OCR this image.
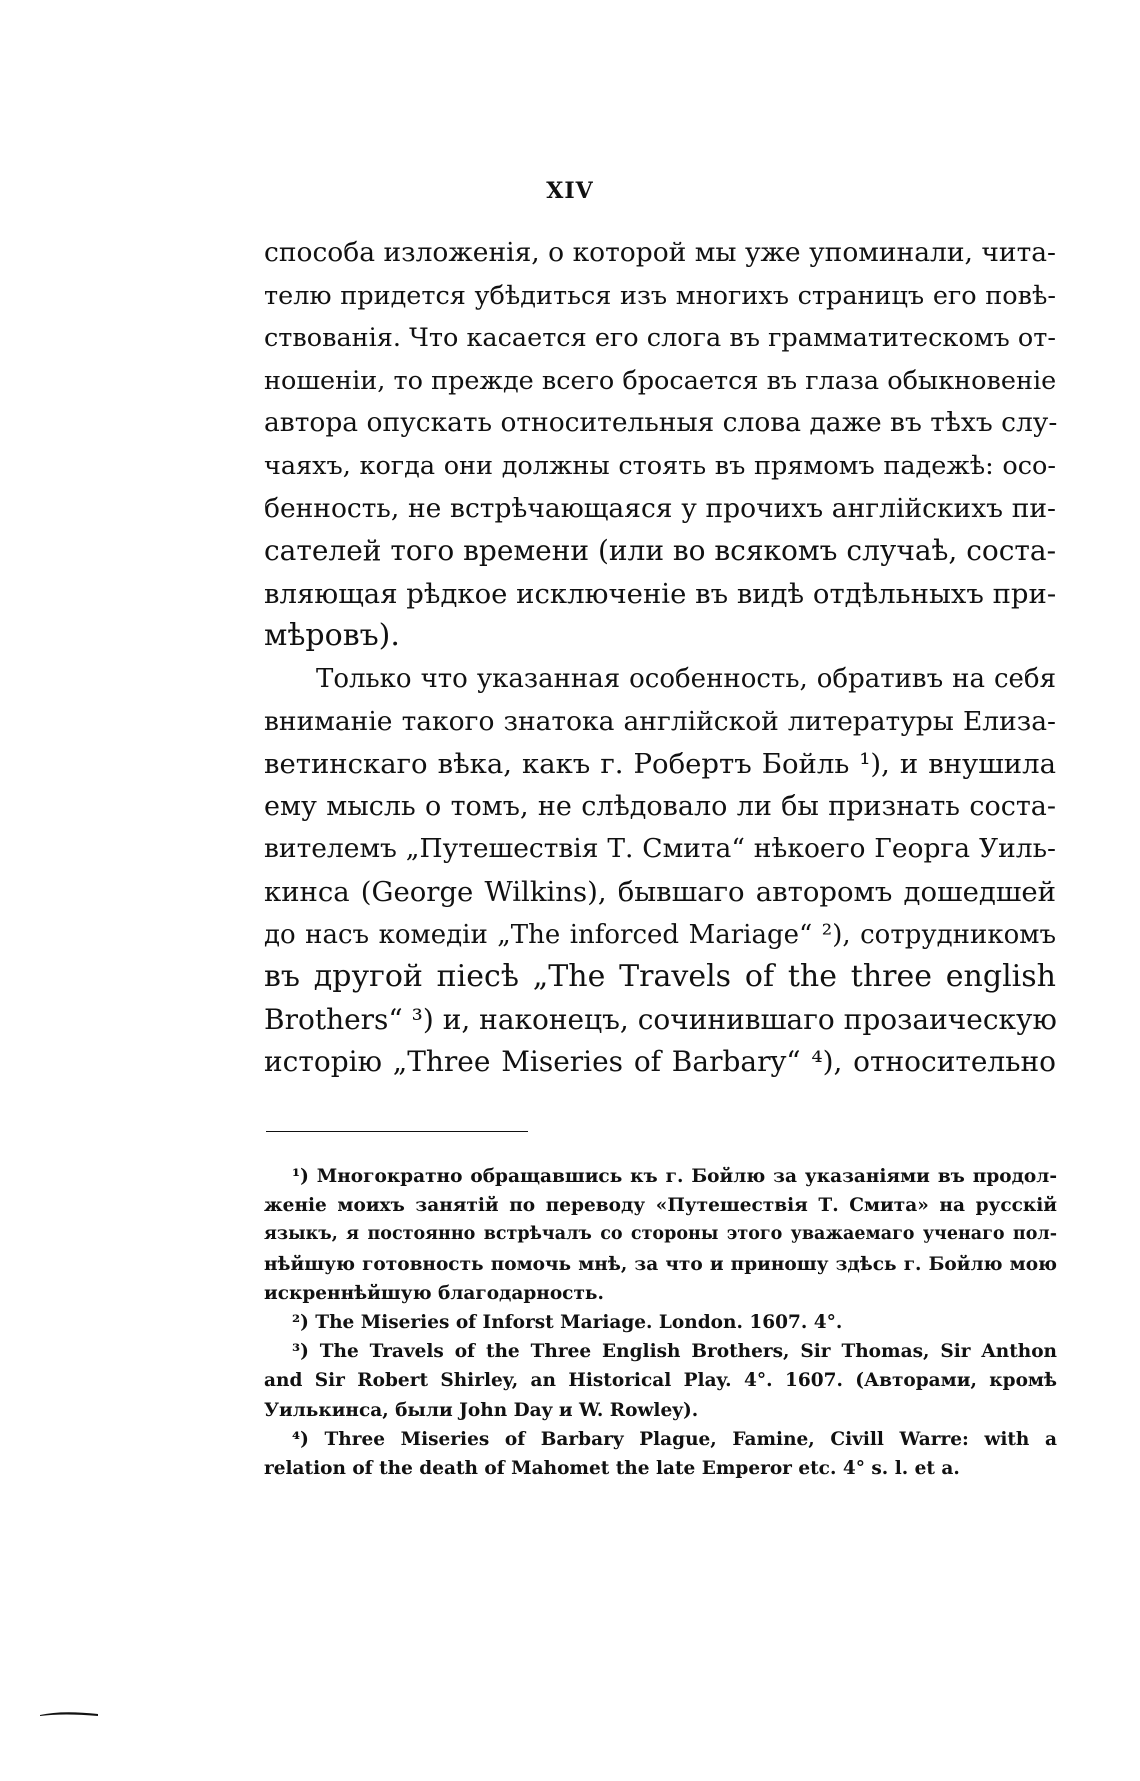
XIV
способа изложенія, о которой мы уже упоминали, чита-
телю придется убѣдиться изъ многихъ страницъ его повѣ-
ствованія. Что касается его слога въ грамматитескомъ от-
ношеніи, то прежде всего бросается въ глаза обыкновеніе
автора опускать относительныя слова даже въ тѣхъ слу-
чаяхъ, когда они должны стоять въ прямомъ падежѣ: осо-
бенность, не встрѣчающаяся у прочихъ англійскихъ пи-
сателей того времени (или во всякомъ случаѣ, соста-
вляющая рѣдкое исключеніе въ видѣ отдѣльныхъ при-
мѣровъ).
Только что указанная особенность, обративъ на себя
вниманіе такого знатока англійской литературы Елиза-
ветинскаго вѣка, какъ г. Робертъ Бойль ¹), и внушила
ему мысль о томъ, не слѣдовало ли бы признать соста-
вителемъ „Путешествія Т. Смита“ нѣкоего Георга Уиль-
кинса (George Wilkins), бывшаго авторомъ дошедшей
до насъ комедіи „The inforced Mariage“ ²), сотрудникомъ
въ другой піесѣ „The Travels of the three english
Brothers“ ³) и, наконецъ, сочинившаго прозаическую
исторію „Three Miseries of Barbary“ ⁴), относительно
¹) Многократно обращавшись къ г. Бойлю за указаніями въ продол-
женіе моихъ занятій по переводу «Путешествія Т. Смита» на русскій
языкъ, я постоянно встрѣчалъ со стороны этого уважаемаго ученаго пол-
нѣйшую готовность помочь мнѣ, за что и приношу здѣсь г. Бойлю мою
искреннѣйшую благодарность.
²) The Miseries of Inforst Mariage. London. 1607. 4°.
³) The Travels of the Three English Brothers, Sir Thomas, Sir Anthon
and Sir Robert Shirley, an Historical Play. 4°. 1607. (Авторами, кромѣ
Уилькинса, были John Day и W. Rowley).
⁴) Three Miseries of Barbary Plague, Famine, Civill Warre: with a
relation of the death of Mahomet the late Emperor etc. 4° s. l. et a.
